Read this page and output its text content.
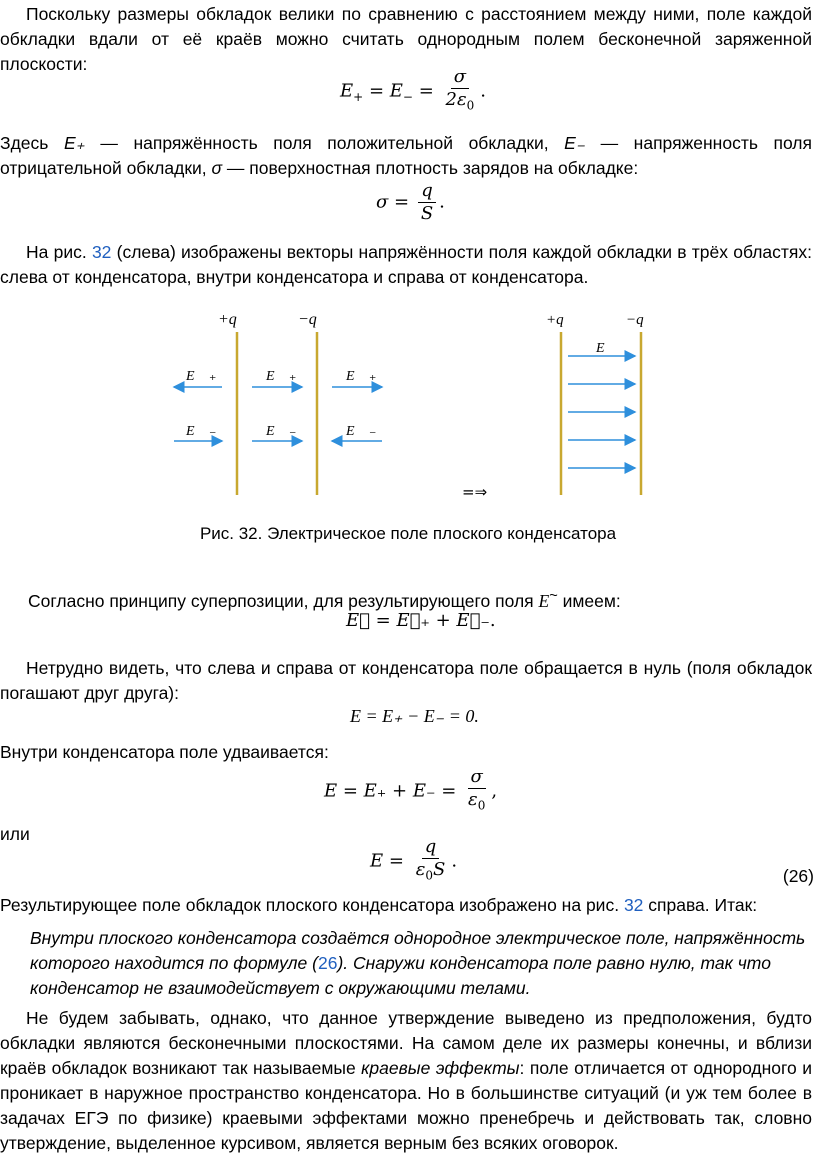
Поскольку размеры обкладок велики по сравнению с расстоянием между ними, поле каждой обкладки вдали от её краёв можно считать однородным полем бесконечной заряженной плоскости:

$E_+ = E_- = \frac{\sigma}{2\varepsilon_0}$ .

Здесь E₊ — напряжённость поля положительной обкладки, E₋ — напряженность поля отрицательной обкладки, σ — поверхностная плотность зарядов на обкладке:

$\sigma = \frac{q}{S}$ .

На рис. 32 (слева) изображены векторы напряжённости поля каждой обкладки в трёх областях: слева от конденсатора, внутри конденсатора и справа от конденсатора.

+q	−q
E⃗ ₊	E⃗ ₊	E⃗ ₊
E⃗ ₋	E⃗ ₋	E⃗ ₋
=⇒
+q	−q
E
Рис. 32. Электрическое поле плоского конденсатора

Согласно принципу суперпозиции, для результирующего поля E~ имеем:

E⃗ = E⃗₊ + E⃗₋.

Нетрудно видеть, что слева и справа от конденсатора поле обращается в нуль (поля обкладок погашают друг друга):

E = E₊ − E₋ = 0.

Внутри конденсатора поле удваивается:

$E = E_+ + E_- = \frac{\sigma}{\varepsilon_0}$ ,

или

$E = \frac{q}{\varepsilon_0S}$ .
(26)

Результирующее поле обкладок плоского конденсатора изображено на рис. 32 справа. Итак:

Внутри плоского конденсатора создаётся однородное электрическое поле, напряжённость которого находится по формуле (26). Снаружи конденсатора поле равно нулю, так что конденсатор не взаимодействует с окружающими телами.

Не будем забывать, однако, что данное утверждение выведено из предположения, будто обкладки являются бесконечными плоскостями. На самом деле их размеры конечны, и вблизи краёв обкладок возникают так называемые краевые эффекты: поле отличается от однородного и проникает в наружное пространство конденсатора. Но в большинстве ситуаций (и уж тем более в задачах ЕГЭ по физике) краевыми эффектами можно пренебречь и действовать так, словно утверждение, выделенное курсивом, является верным без всяких оговорок.
